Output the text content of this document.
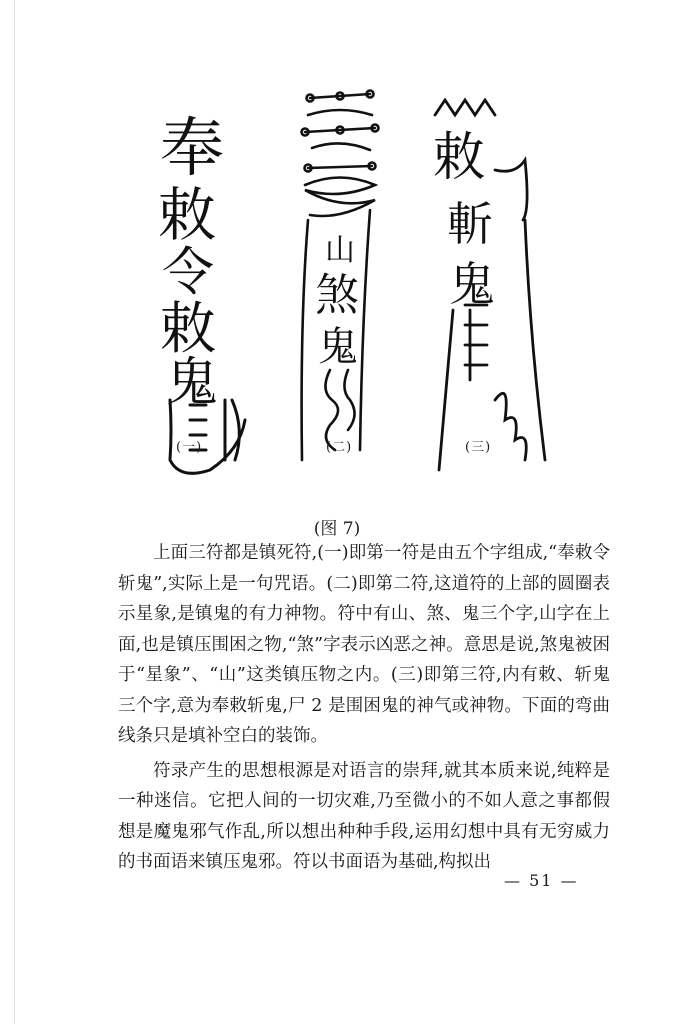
奉
敕
令
敕
鬼
(一)
山
煞
鬼
(二)
敕
斬
鬼
(三)
(图 7)

上面三符都是镇死符,(一)即第一符是由五个字组成,“奉敕令斩鬼”,实际上是一句咒语。(二)即第二符,这道符的上部的圆圈表示星象,是镇鬼的有力神物。符中有山、煞、鬼三个字,山字在上面,也是镇压围困之物,“煞”字表示凶恶之神。意思是说,煞鬼被困于“星象”、“山”这类镇压物之内。(三)即第三符,内有敕、斩鬼三个字,意为奉敕斩鬼,尸 2 是围困鬼的神气或神物。下面的弯曲线条只是填补空白的装饰。

符录产生的思想根源是对语言的崇拜,就其本质来说,纯粹是一种迷信。它把人间的一切灾难,乃至微小的不如人意之事都假想是魔鬼邪气作乱,所以想出种种手段,运用幻想中具有无穷威力的书面语来镇压鬼邪。符以书面语为基础,构拟出

— 51 —
